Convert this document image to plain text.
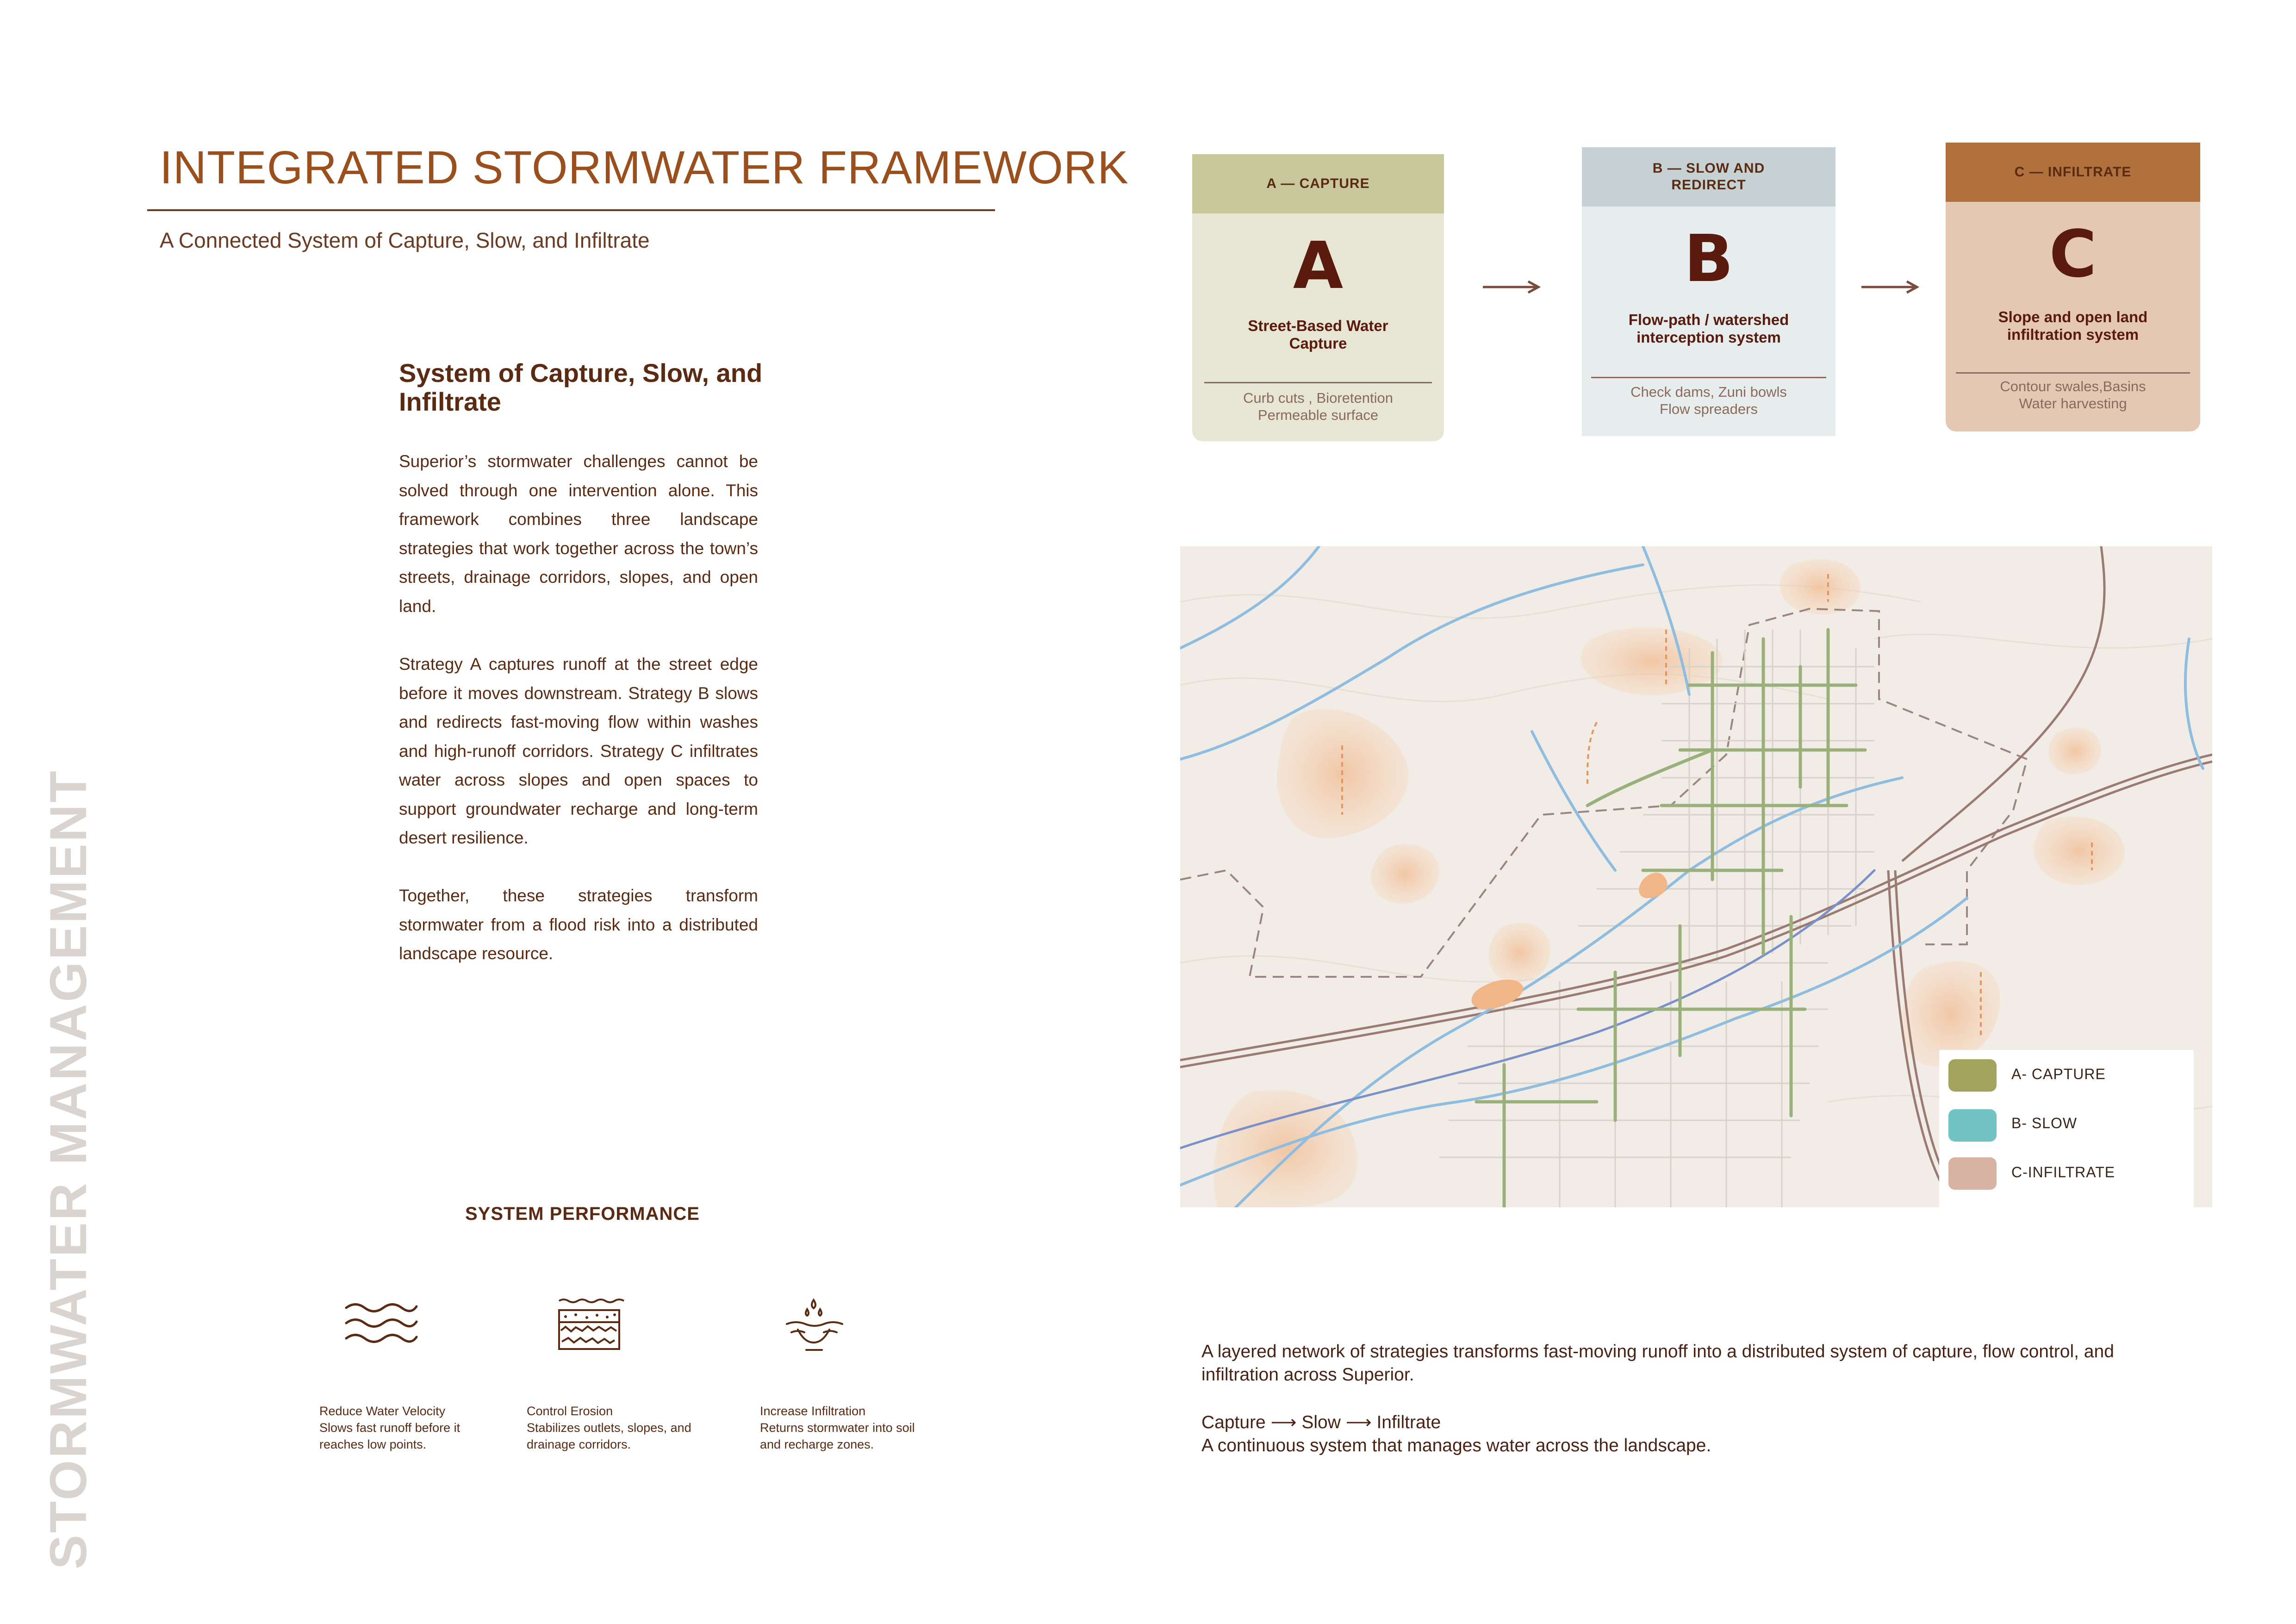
STORMWATER MANAGEMENT
INTEGRATED STORMWATER FRAMEWORK
A Connected System of Capture, Slow, and Infiltrate
System of Capture, Slow, and Infiltrate

Superior’s stormwater challenges cannot be solved through one intervention alone. This framework combines three landscape strategies that work together across the town’s streets, drainage corridors, slopes, and open land.

Strategy A captures runoff at the street edge before it moves downstream. Strategy B slows and redirects fast-moving flow within washes and high-runoff corridors. Strategy C infiltrates water across slopes and open spaces to support groundwater recharge and long-term desert resilience.

Together, these strategies transform stormwater from a flood risk into a distributed landscape resource.

SYSTEM PERFORMANCE
Reduce Water Velocity
Slows fast runoff before it reaches low points.
Control Erosion
Stabilizes outlets, slopes, and drainage corridors.
Increase Infiltration
Returns stormwater into soil and recharge zones.
A — CAPTURE
A
Street-Based Water Capture
Curb cuts , Bioretention
Permeable surface
B — SLOW AND REDIRECT
B
Flow-path / watershed interception system
Check dams, Zuni bowls
Flow spreaders
C — INFILTRATE
C
Slope and open land infiltration system
Contour swales,Basins
Water harvesting
A- CAPTURE
B- SLOW
C-INFILTRATE
A layered network of strategies transforms fast-moving runoff into a distributed system of capture, flow control, and infiltration across Superior.
Capture ⟶ Slow ⟶ Infiltrate
A continuous system that manages water across the landscape.
